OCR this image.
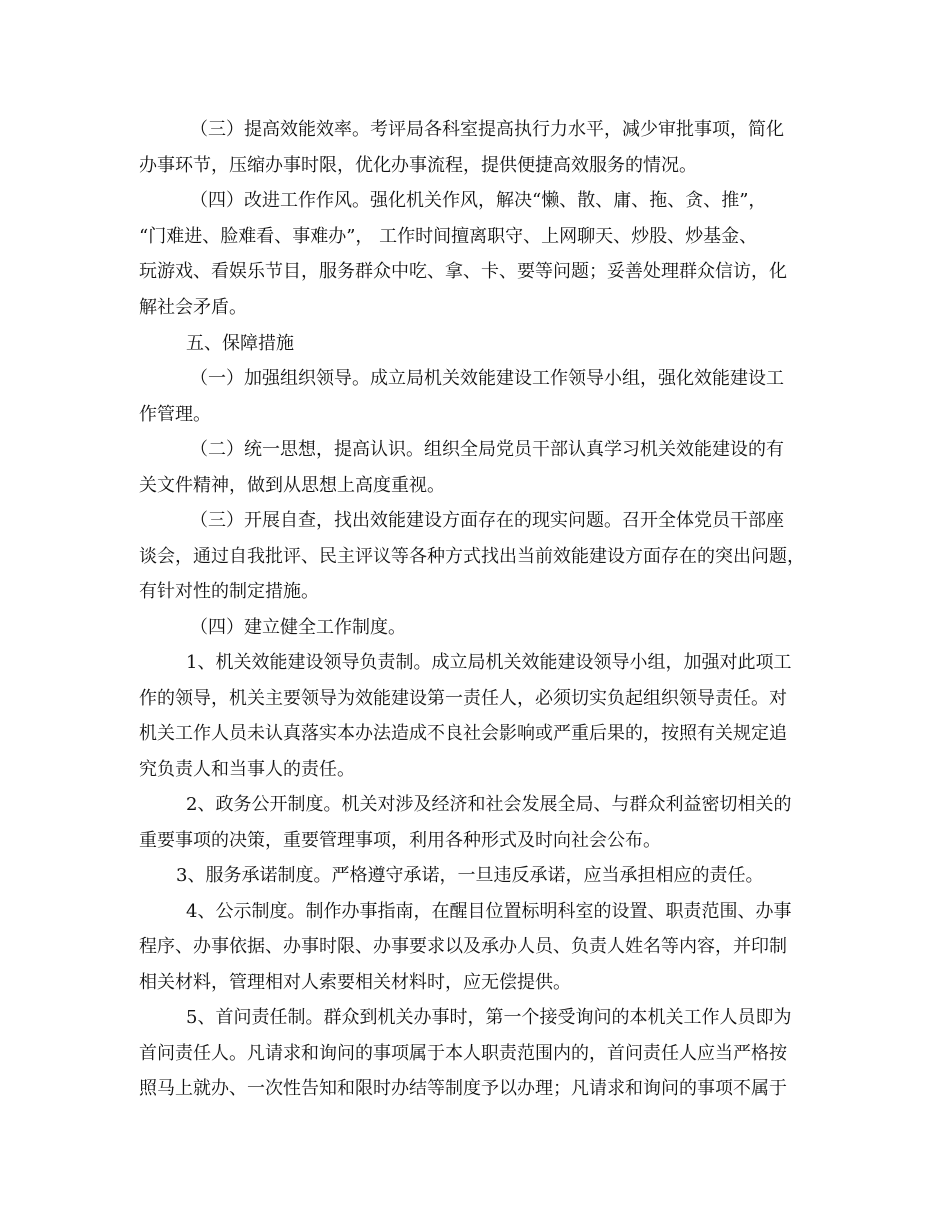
（三）提高效能效率。考评局各科室提高执行力水平，减少审批事项，简化
办事环节，压缩办事时限，优化办事流程，提供便捷高效服务的情况。
（四）改进工作作风。强化机关作风，解决“懒、散、庸、拖、贪、推”，
“门难进、脸难看、事难办”， 工作时间擅离职守、上网聊天、炒股、炒基金、
玩游戏、看娱乐节目，服务群众中吃、拿、卡、要等问题；妥善处理群众信访，化
解社会矛盾。
五、保障措施
（一）加强组织领导。成立局机关效能建设工作领导小组，强化效能建设工
作管理。
（二）统一思想，提高认识。组织全局党员干部认真学习机关效能建设的有
关文件精神，做到从思想上高度重视。
（三）开展自查，找出效能建设方面存在的现实问题。召开全体党员干部座
谈会，通过自我批评、民主评议等各种方式找出当前效能建设方面存在的突出问题，
有针对性的制定措施。
（四）建立健全工作制度。
1、机关效能建设领导负责制。成立局机关效能建设领导小组，加强对此项工
作的领导，机关主要领导为效能建设第一责任人，必须切实负起组织领导责任。对
机关工作人员未认真落实本办法造成不良社会影响或严重后果的，按照有关规定追
究负责人和当事人的责任。
2、政务公开制度。机关对涉及经济和社会发展全局、与群众利益密切相关的
重要事项的决策，重要管理事项，利用各种形式及时向社会公布。
3、服务承诺制度。严格遵守承诺，一旦违反承诺，应当承担相应的责任。
4、公示制度。制作办事指南，在醒目位置标明科室的设置、职责范围、办事
程序、办事依据、办事时限、办事要求以及承办人员、负责人姓名等内容，并印制
相关材料，管理相对人索要相关材料时，应无偿提供。
5、首问责任制。群众到机关办事时，第一个接受询问的本机关工作人员即为
首问责任人。凡请求和询问的事项属于本人职责范围内的，首问责任人应当严格按
照马上就办、一次性告知和限时办结等制度予以办理；凡请求和询问的事项不属于
